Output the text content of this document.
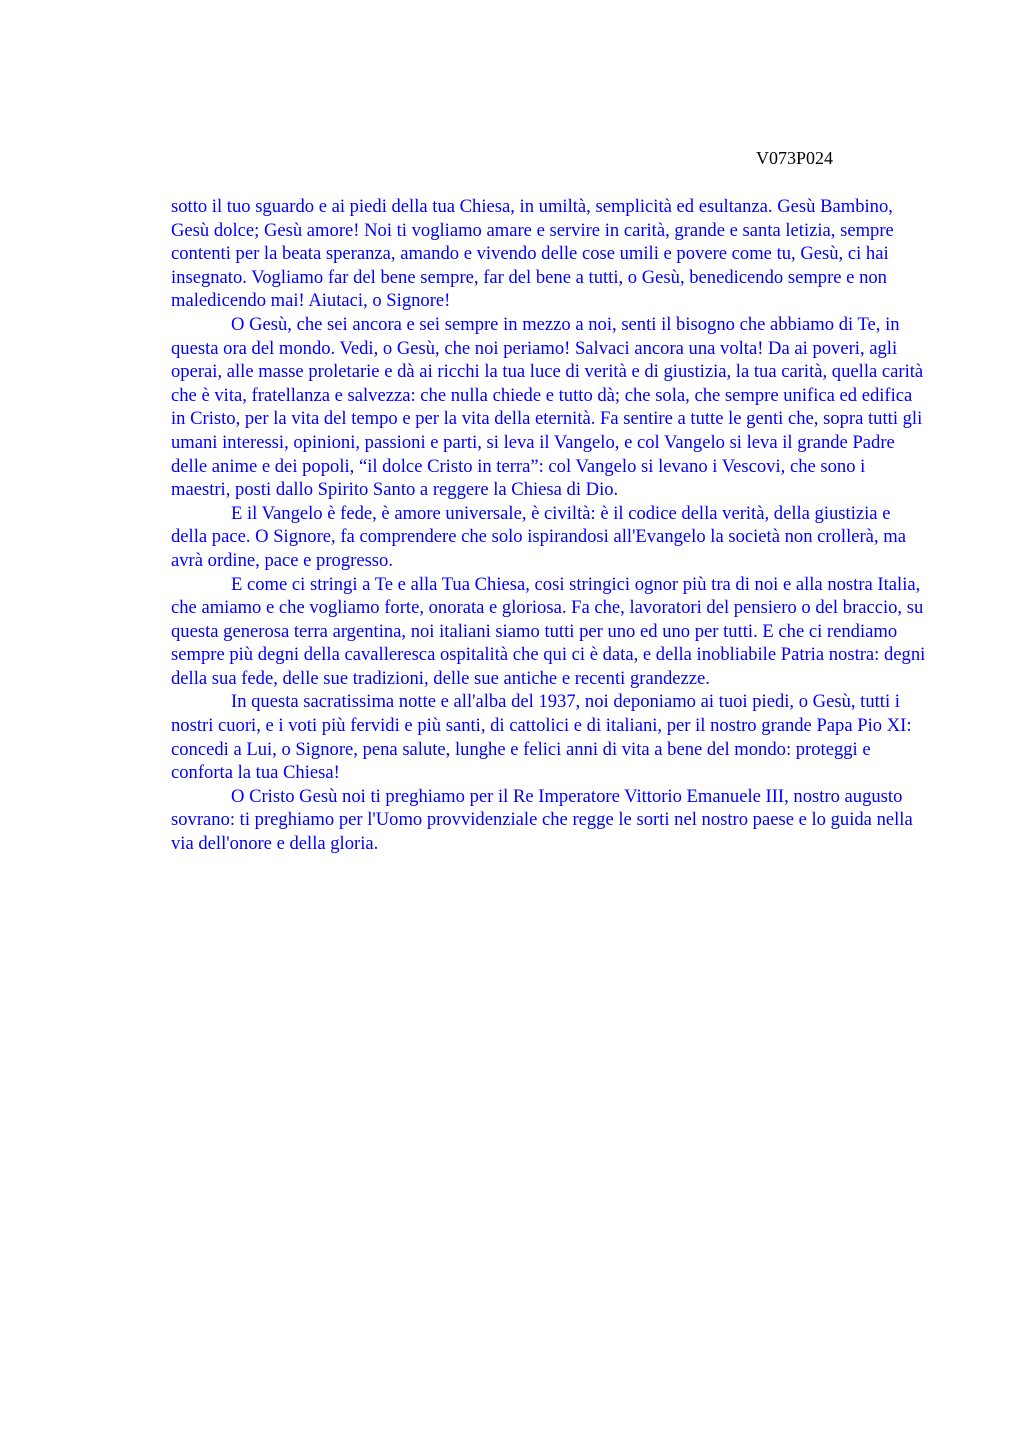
V073P024

sotto il tuo sguardo e ai piedi della tua Chiesa, in umiltà, semplicità ed esultanza. Gesù Bambino, Gesù dolce; Gesù amore! Noi ti vogliamo amare e servire in carità, grande e santa letizia, sempre contenti per la beata speranza, amando e vivendo delle cose umili e povere come tu, Gesù, ci hai insegnato. Vogliamo far del bene sempre, far del bene a tutti, o Gesù, benedicendo sempre e non maledicendo mai! Aiutaci, o Signore!

O Gesù, che sei ancora e sei sempre in mezzo a noi, senti il bisogno che abbiamo di Te, in questa ora del mondo. Vedi, o Gesù, che noi periamo! Salvaci ancora una volta! Da ai poveri, agli operai, alle masse proletarie e dà ai ricchi la tua luce di verità e di giustizia, la tua carità, quella carità che è vita, fratellanza e salvezza: che nulla chiede e tutto dà; che sola, che sempre unifica ed edifica in Cristo, per la vita del tempo e per la vita della eternità. Fa sentire a tutte le genti che, sopra tutti gli umani interessi, opinioni, passioni e parti, si leva il Vangelo, e col Vangelo si leva il grande Padre delle anime e dei popoli, “il dolce Cristo in terra”: col Vangelo si levano i Vescovi, che sono i maestri, posti dallo Spirito Santo a reggere la Chiesa di Dio.

E il Vangelo è fede, è amore universale, è civiltà: è il codice della verità, della giustizia e della pace. O Signore, fa comprendere che solo ispirandosi all'Evangelo la società non crollerà, ma avrà ordine, pace e progresso.

E come ci stringi a Te e alla Tua Chiesa, cosi stringici ognor più tra di noi e alla nostra Italia, che amiamo e che vogliamo forte, onorata e gloriosa. Fa che, lavoratori del pensiero o del braccio, su questa generosa terra argentina, noi italiani siamo tutti per uno ed uno per tutti. E che ci rendiamo sempre più degni della cavalleresca ospitalità che qui ci è data, e della inobliabile Patria nostra: degni della sua fede, delle sue tradizioni, delle sue antiche e recenti grandezze.

In questa sacratissima notte e all'alba del 1937, noi deponiamo ai tuoi piedi, o Gesù, tutti i nostri cuori, e i voti più fervidi e più santi, di cattolici e di italiani, per il nostro grande Papa Pio XI: concedi a Lui, o Signore, pena salute, lunghe e felici anni di vita a bene del mondo: proteggi e conforta la tua Chiesa!

O Cristo Gesù noi ti preghiamo per il Re Imperatore Vittorio Emanuele III, nostro augusto sovrano: ti preghiamo per l'Uomo provvidenziale che regge le sorti nel nostro paese e lo guida nella via dell'onore e della gloria.
